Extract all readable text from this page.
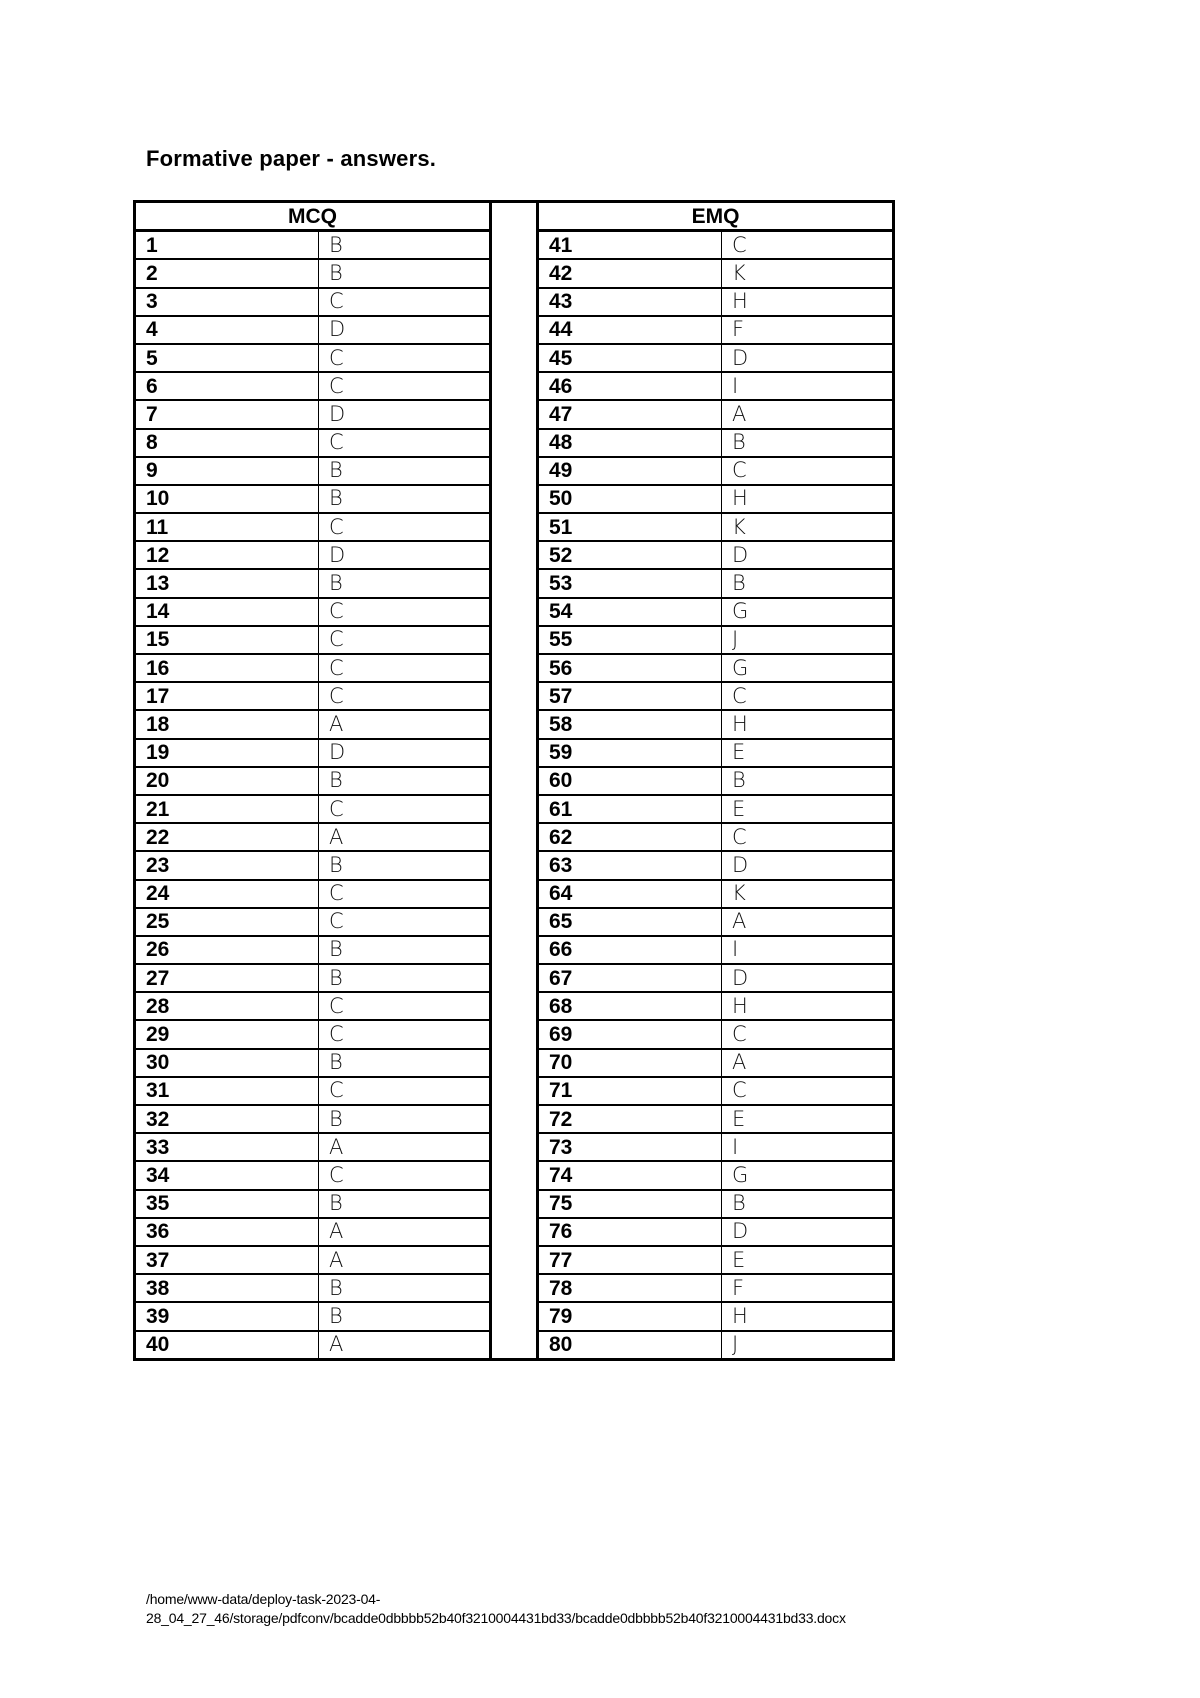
Formative paper - answers.
MCQ	
1	B
2	B
3	C
4	D
5	C
6	C
7	D
8	C
9	B
10	B
11	C
12	D
13	B
14	C
15	C
16	C
17	C
18	A
19	D
20	B
21	C
22	A
23	B
24	C
25	C
26	B
27	B
28	C
29	C
30	B
31	C
32	B
33	A
34	C
35	B
36	A
37	A
38	B
39	B
40	A
EMQ	
41	C
42	K
43	H
44	F
45	D
46	I
47	A
48	B
49	C
50	H
51	K
52	D
53	B
54	G
55	J
56	G
57	C
58	H
59	E
60	B
61	E
62	C
63	D
64	K
65	A
66	I
67	D
68	H
69	C
70	A
71	C
72	E
73	I
74	G
75	B
76	D
77	E
78	F
79	H
80	J
/home/www-data/deploy-task-2023-04-
28_04_27_46/storage/pdfconv/bcadde0dbbbb52b40f3210004431bd33/bcadde0dbbbb52b40f3210004431bd33.docx
